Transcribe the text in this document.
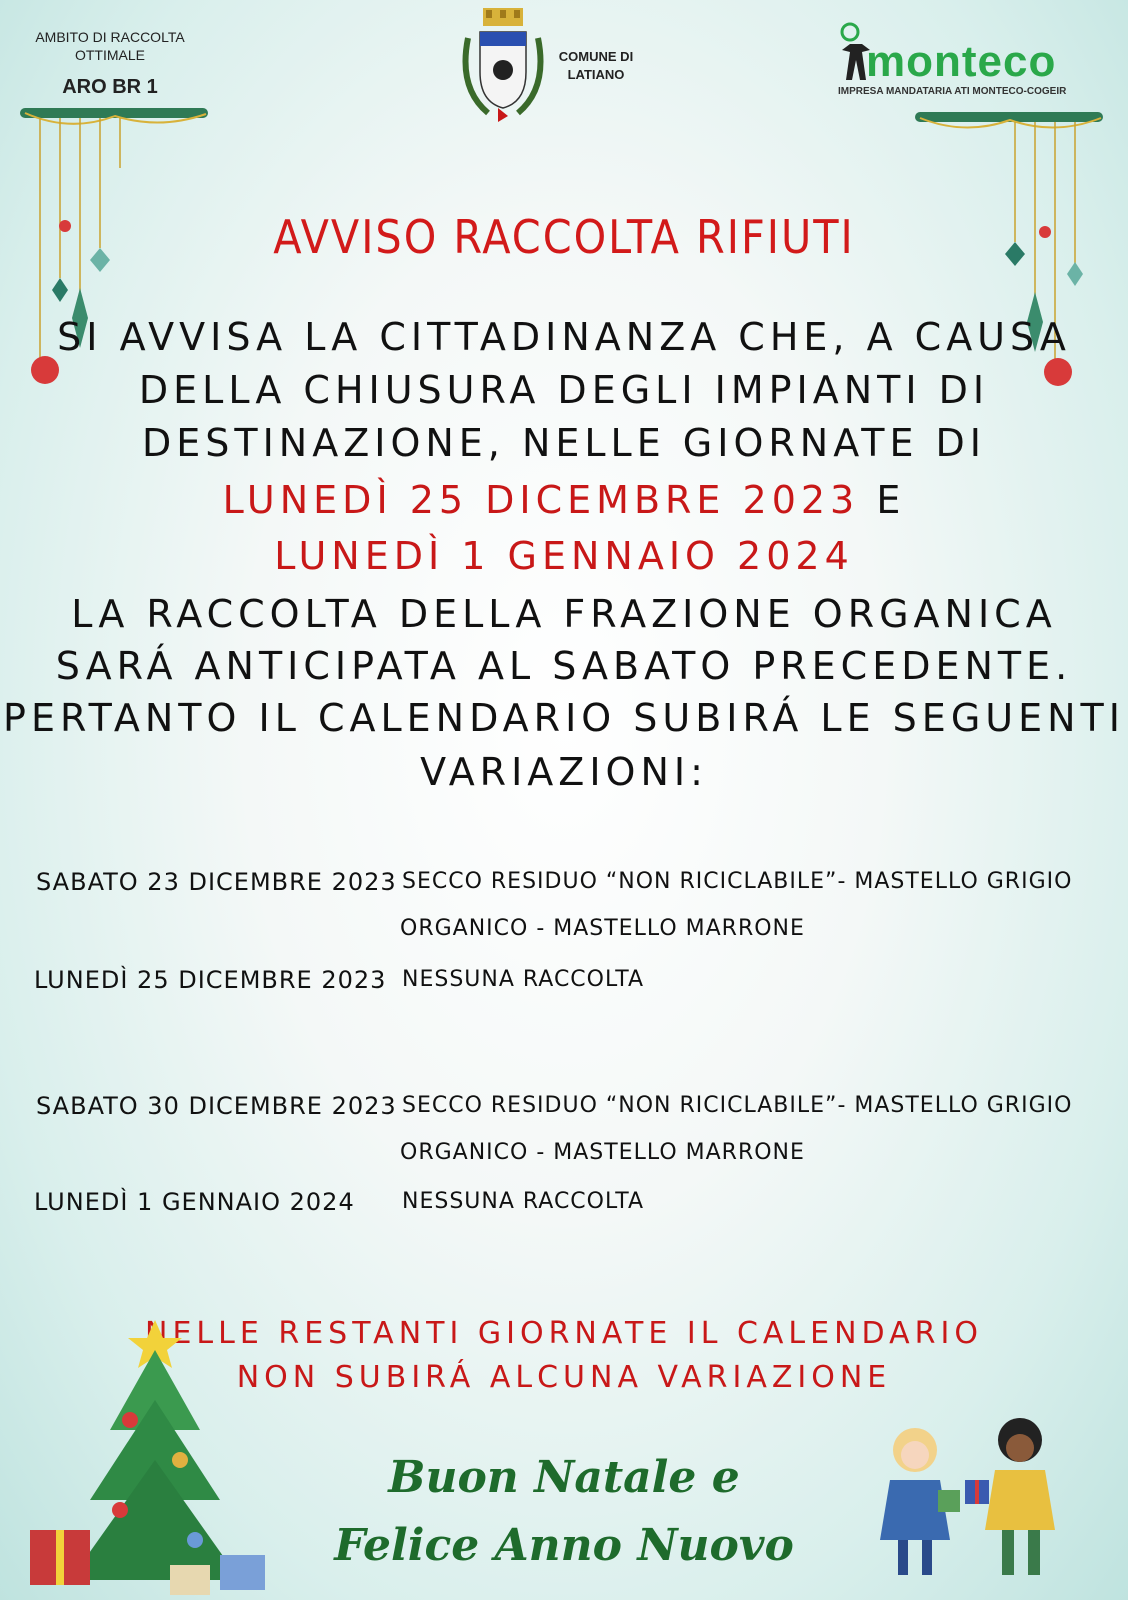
AMBITO DI RACCOLTA
OTTIMALE
ARO BR 1
COMUNE DI
LATIANO	monteco
IMPRESA MANDATARIA ATI MONTECO-COGEIR
AVVISO RACCOLTA RIFIUTI
SI AVVISA LA CITTADINANZA CHE, A CAUSA
DELLA CHIUSURA DEGLI IMPIANTI DI
DESTINAZIONE, NELLE GIORNATE DI
LUNEDÌ 25 DICEMBRE 2023 E
LUNEDÌ 1 GENNAIO 2024
LA RACCOLTA DELLA FRAZIONE ORGANICA
SARÁ ANTICIPATA AL SABATO PRECEDENTE.
PERTANTO IL CALENDARIO SUBIRÁ LE SEGUENTI
VARIAZIONI:
SABATO 23 DICEMBRE 2023 SECCO RESIDUO “NON RICICLABILE”- MASTELLO GRIGIO
ORGANICO - MASTELLO MARRONE
LUNEDÌ 25 DICEMBRE 2023 NESSUNA RACCOLTA
SABATO 30 DICEMBRE 2023 SECCO RESIDUO “NON RICICLABILE”- MASTELLO GRIGIO
ORGANICO - MASTELLO MARRONE
LUNEDÌ 1 GENNAIO 2024 NESSUNA RACCOLTA
NELLE RESTANTI GIORNATE IL CALENDARIO
NON SUBIRÁ ALCUNA VARIAZIONE
Buon Natale e
Felice Anno Nuovo
